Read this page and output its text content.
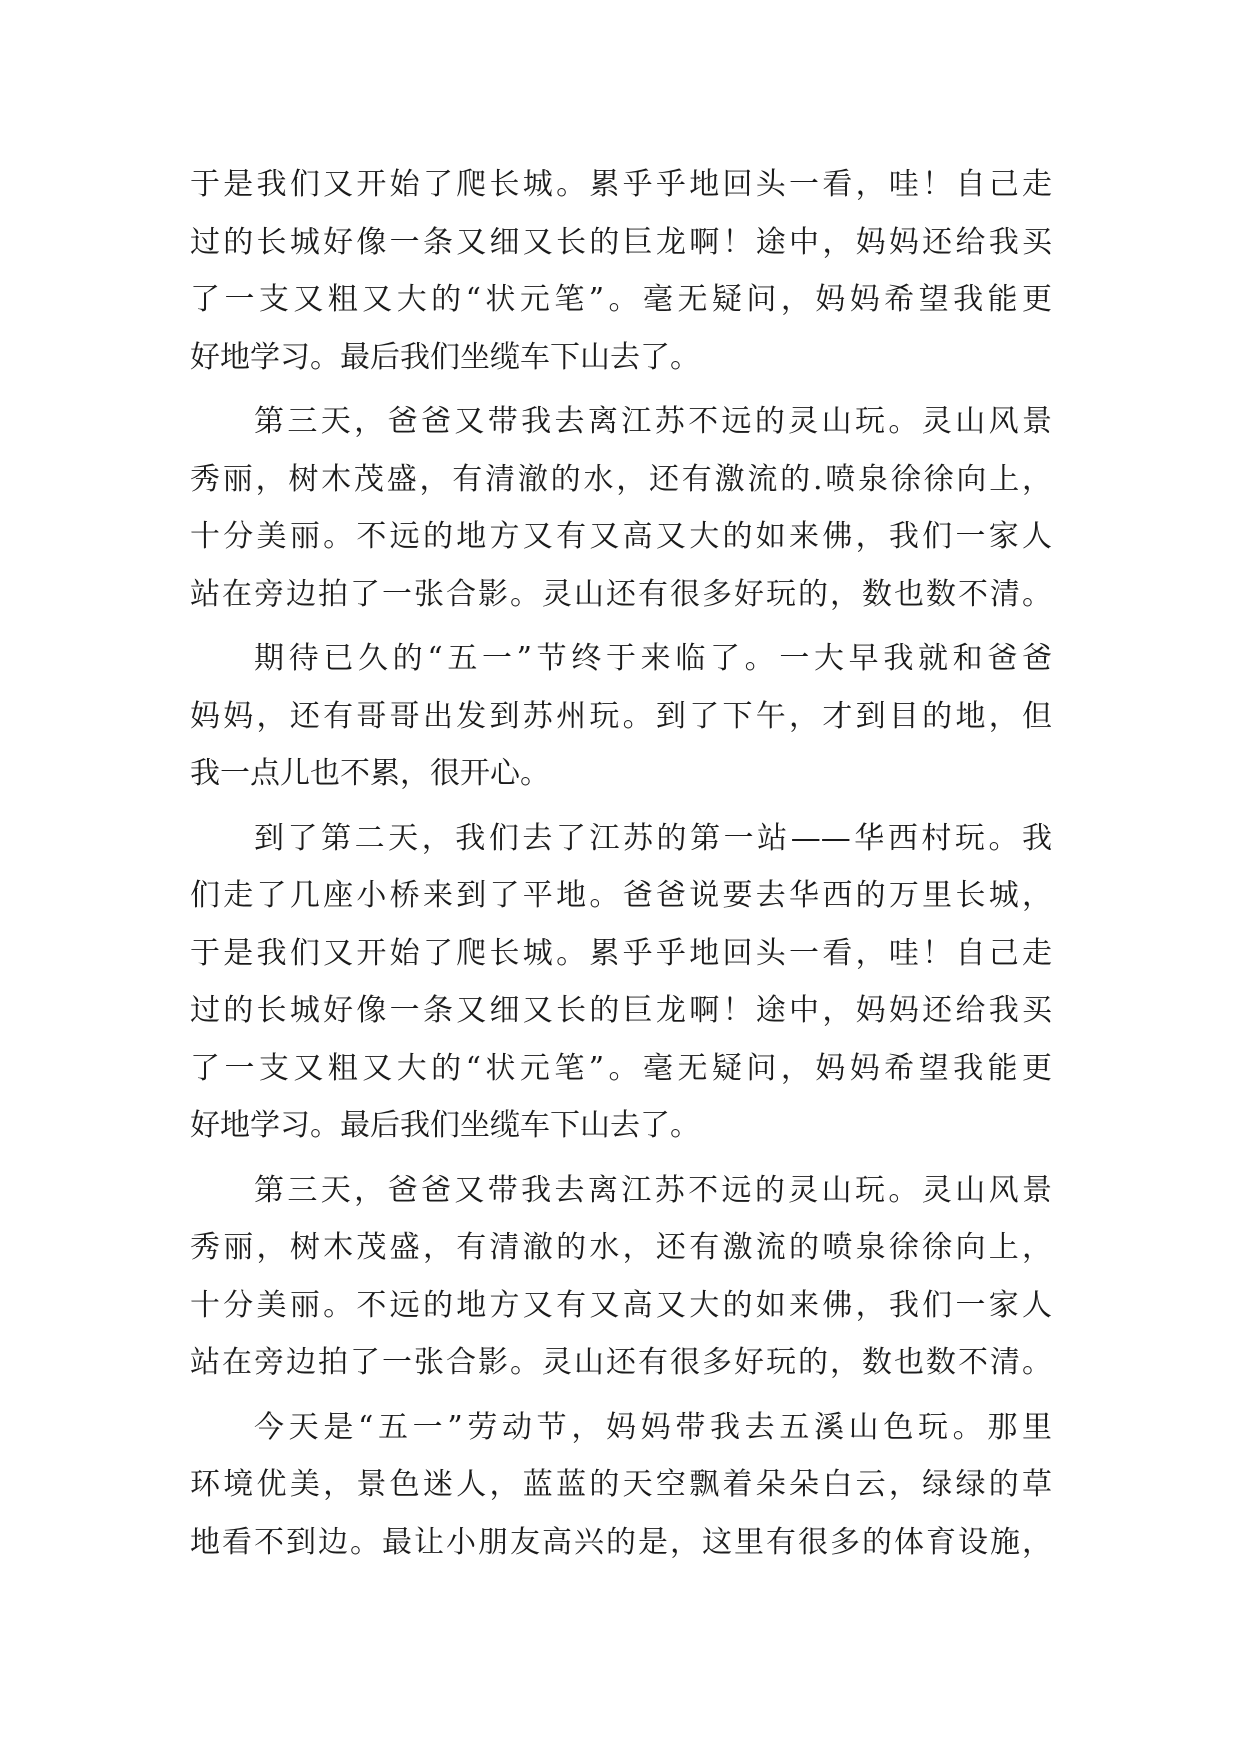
于是我们又开始了爬长城。累乎乎地回头一看，哇！自己走
过的长城好像一条又细又长的巨龙啊！途中，妈妈还给我买
了一支又粗又大的“状元笔”。毫无疑问，妈妈希望我能更
好地学习。最后我们坐缆车下山去了。
第三天，爸爸又带我去离江苏不远的灵山玩。灵山风景
秀丽，树木茂盛，有清澈的水，还有激流的.喷泉徐徐向上，
十分美丽。不远的地方又有又高又大的如来佛，我们一家人
站在旁边拍了一张合影。灵山还有很多好玩的，数也数不清。
期待已久的“五一”节终于来临了。一大早我就和爸爸
妈妈，还有哥哥出发到苏州玩。到了下午，才到目的地，但
我一点儿也不累，很开心。
到了第二天，我们去了江苏的第一站——华西村玩。我
们走了几座小桥来到了平地。爸爸说要去华西的万里长城，
于是我们又开始了爬长城。累乎乎地回头一看，哇！自己走
过的长城好像一条又细又长的巨龙啊！途中，妈妈还给我买
了一支又粗又大的“状元笔”。毫无疑问，妈妈希望我能更
好地学习。最后我们坐缆车下山去了。
第三天，爸爸又带我去离江苏不远的灵山玩。灵山风景
秀丽，树木茂盛，有清澈的水，还有激流的喷泉徐徐向上，
十分美丽。不远的地方又有又高又大的如来佛，我们一家人
站在旁边拍了一张合影。灵山还有很多好玩的，数也数不清。
今天是“五一”劳动节，妈妈带我去五溪山色玩。那里
环境优美，景色迷人，蓝蓝的天空飘着朵朵白云，绿绿的草
地看不到边。最让小朋友高兴的是，这里有很多的体育设施，
